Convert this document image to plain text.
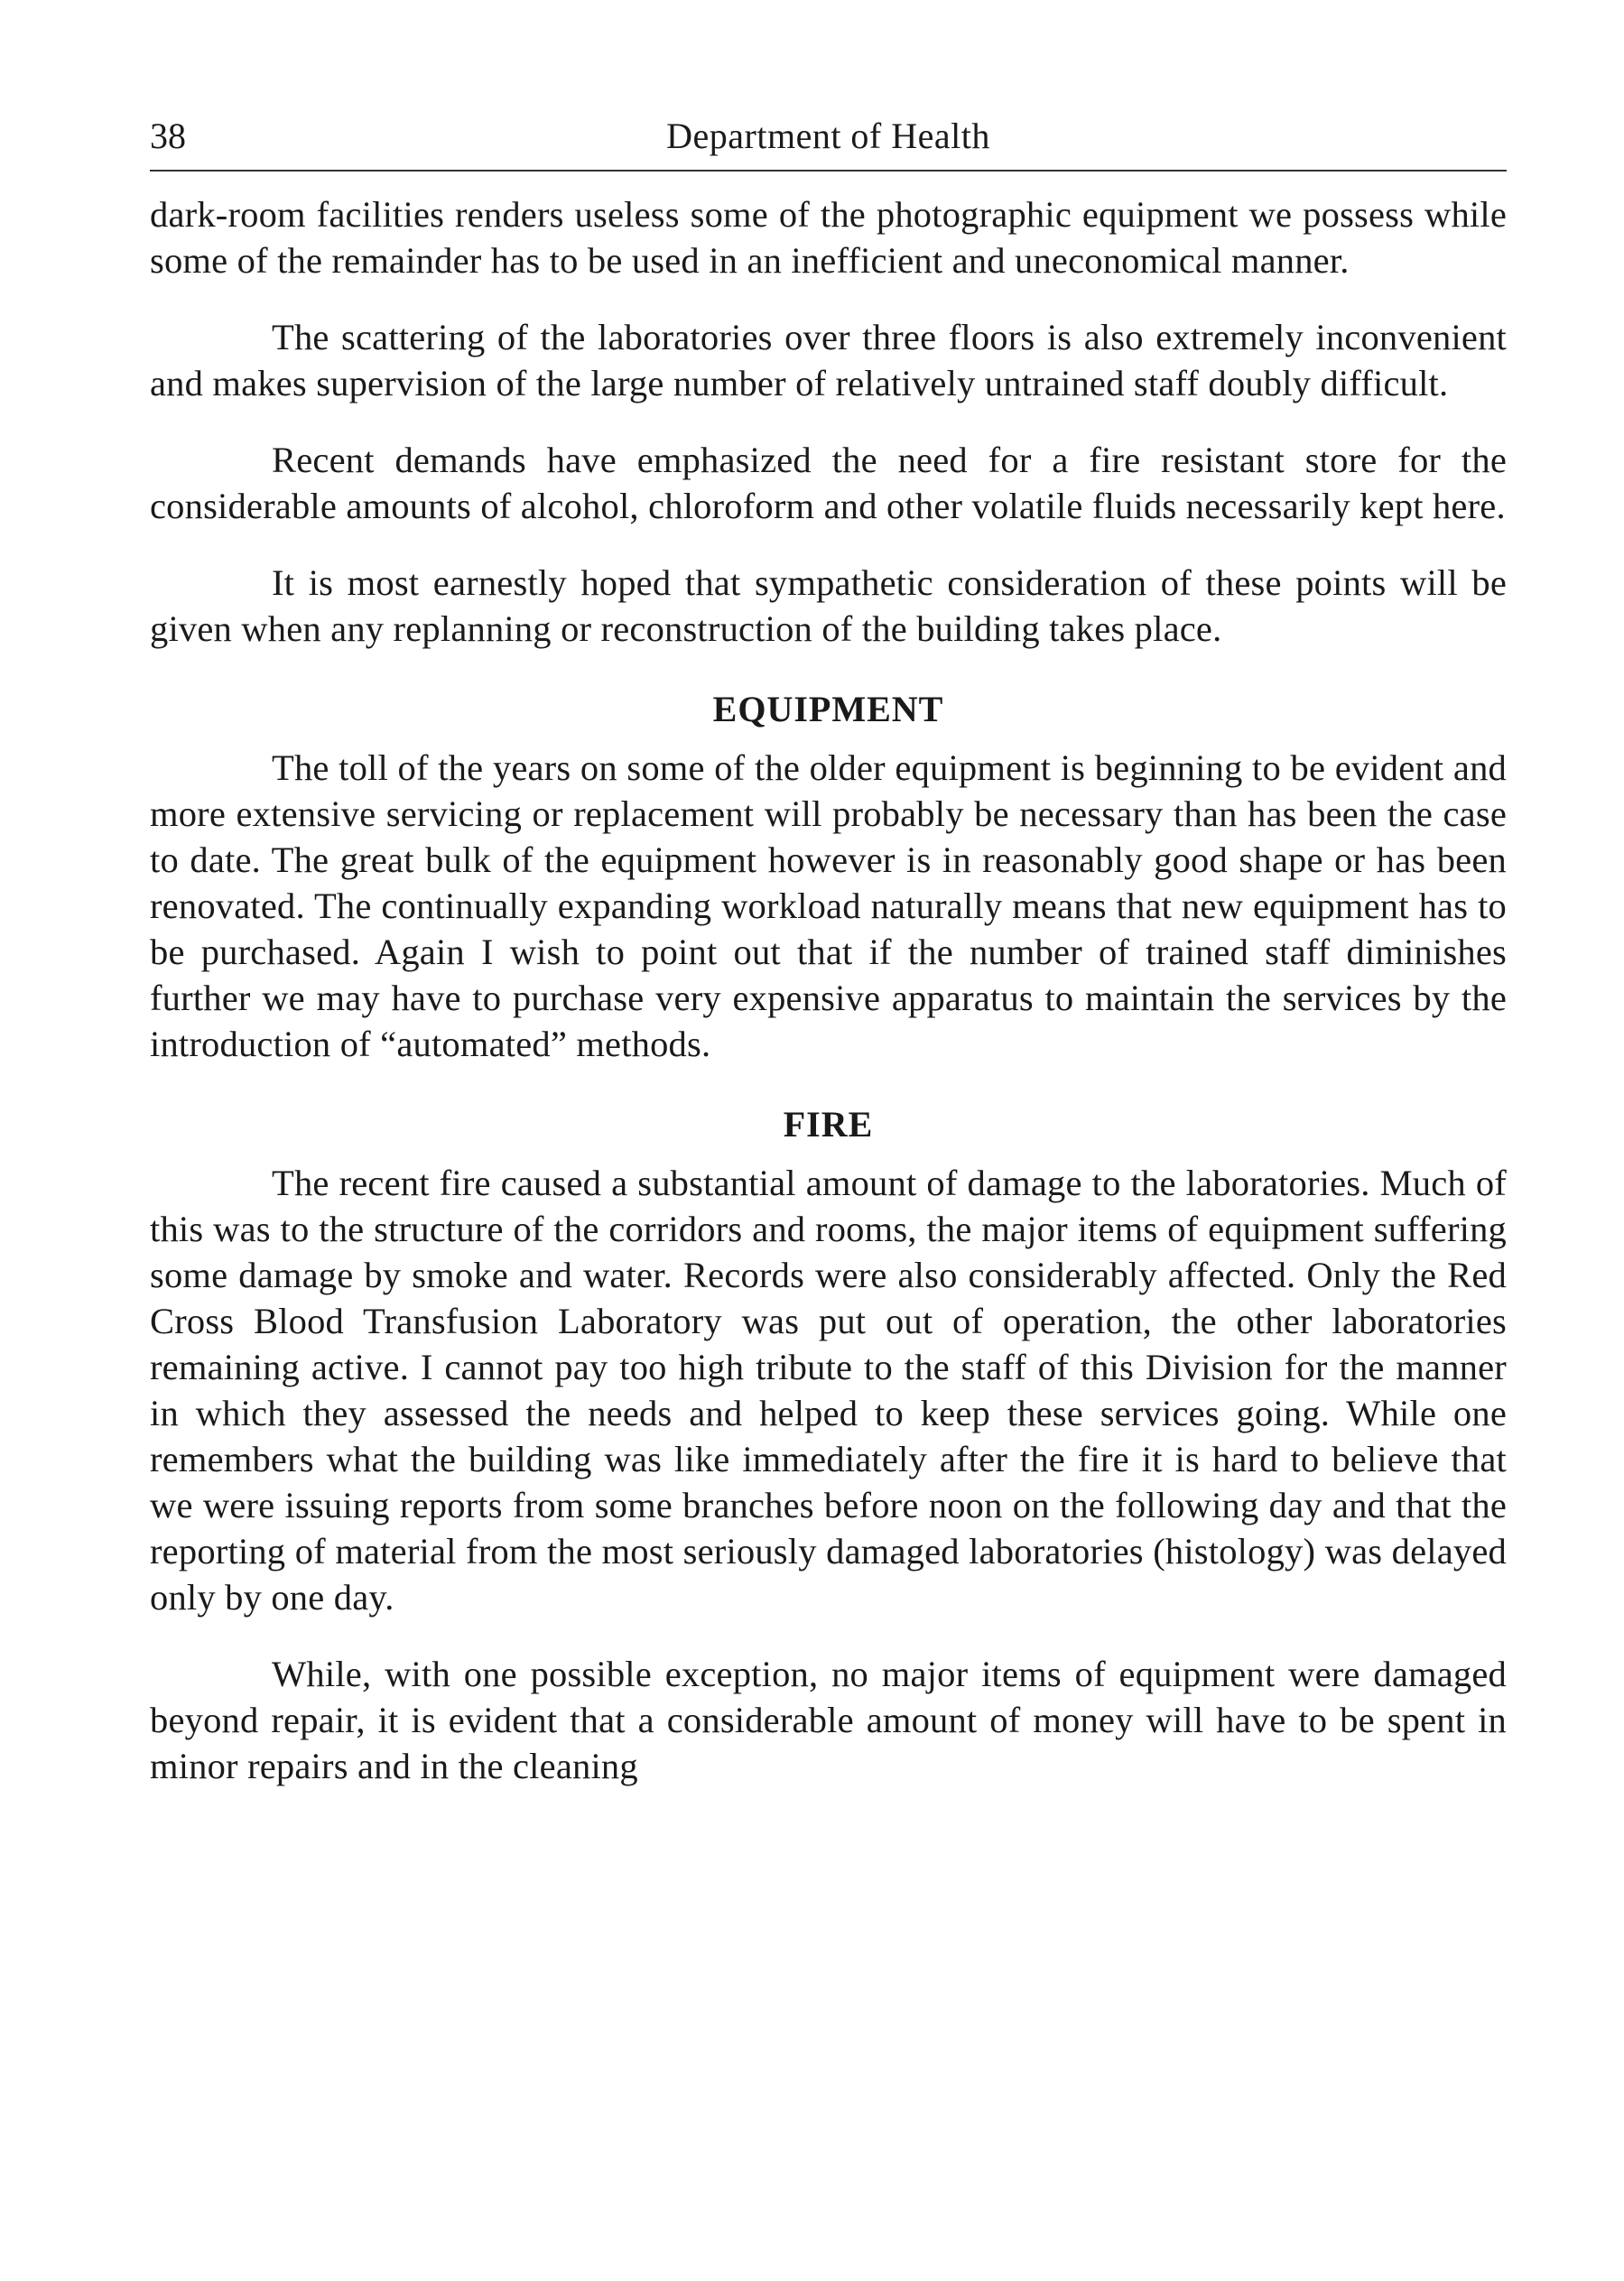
38	Department of Health

dark-room facilities renders useless some of the photographic equipment we possess while some of the remainder has to be used in an inefficient and uneconomical manner.

The scattering of the laboratories over three floors is also extremely inconvenient and makes supervision of the large number of relatively untrained staff doubly difficult.

Recent demands have emphasized the need for a fire resistant store for the considerable amounts of alcohol, chloroform and other volatile fluids necessarily kept here.

It is most earnestly hoped that sympathetic consideration of these points will be given when any replanning or reconstruction of the building takes place.

EQUIPMENT

The toll of the years on some of the older equipment is beginning to be evident and more extensive servicing or replacement will probably be necessary than has been the case to date. The great bulk of the equipment however is in reasonably good shape or has been renovated. The continually expanding workload naturally means that new equipment has to be purchased. Again I wish to point out that if the number of trained staff diminishes further we may have to purchase very expensive apparatus to maintain the services by the introduction of “automated” methods.

FIRE

The recent fire caused a substantial amount of damage to the laboratories. Much of this was to the structure of the corridors and rooms, the major items of equipment suffering some damage by smoke and water. Records were also considerably affected. Only the Red Cross Blood Transfusion Laboratory was put out of operation, the other laboratories remaining active. I cannot pay too high tribute to the staff of this Division for the manner in which they assessed the needs and helped to keep these services going. While one remembers what the building was like immediately after the fire it is hard to believe that we were issuing reports from some branches before noon on the following day and that the reporting of material from the most seriously damaged laboratories (histology) was delayed only by one day.

While, with one possible exception, no major items of equipment were damaged beyond repair, it is evident that a considerable amount of money will have to be spent in minor repairs and in the cleaning
